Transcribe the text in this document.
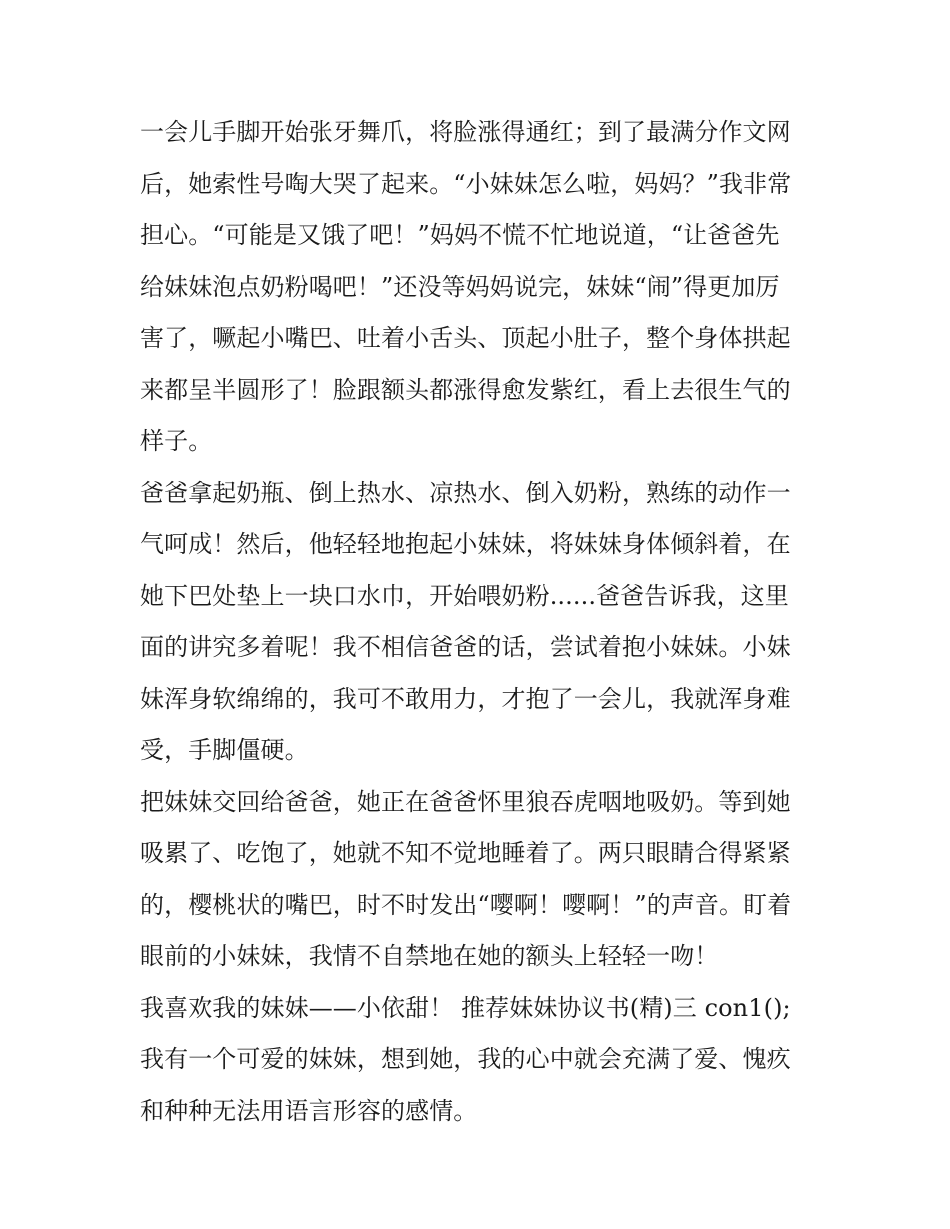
一会儿手脚开始张牙舞爪，将脸涨得通红；到了最满分作文网
后，她索性号啕大哭了起来。“小妹妹怎么啦，妈妈？”我非常
担心。“可能是又饿了吧！”妈妈不慌不忙地说道，“让爸爸先
给妹妹泡点奶粉喝吧！”还没等妈妈说完，妹妹“闹”得更加厉
害了，噘起小嘴巴、吐着小舌头、顶起小肚子，整个身体拱起
来都呈半圆形了！脸跟额头都涨得愈发紫红，看上去很生气的
样子。
爸爸拿起奶瓶、倒上热水、凉热水、倒入奶粉，熟练的动作一
气呵成！然后，他轻轻地抱起小妹妹，将妹妹身体倾斜着，在
她下巴处垫上一块口水巾，开始喂奶粉......爸爸告诉我，这里
面的讲究多着呢！我不相信爸爸的话，尝试着抱小妹妹。小妹
妹浑身软绵绵的，我可不敢用力，才抱了一会儿，我就浑身难
受，手脚僵硬。
把妹妹交回给爸爸，她正在爸爸怀里狼吞虎咽地吸奶。等到她
吸累了、吃饱了，她就不知不觉地睡着了。两只眼睛合得紧紧
的，樱桃状的嘴巴，时不时发出“嘤啊！嘤啊！”的声音。盯着
眼前的小妹妹，我情不自禁地在她的额头上轻轻一吻！
我喜欢我的妹妹——小依甜！ 推荐妹妹协议书(精)三 con1();
我有一个可爱的妹妹，想到她，我的心中就会充满了爱、愧疚
和种种无法用语言形容的感情。
